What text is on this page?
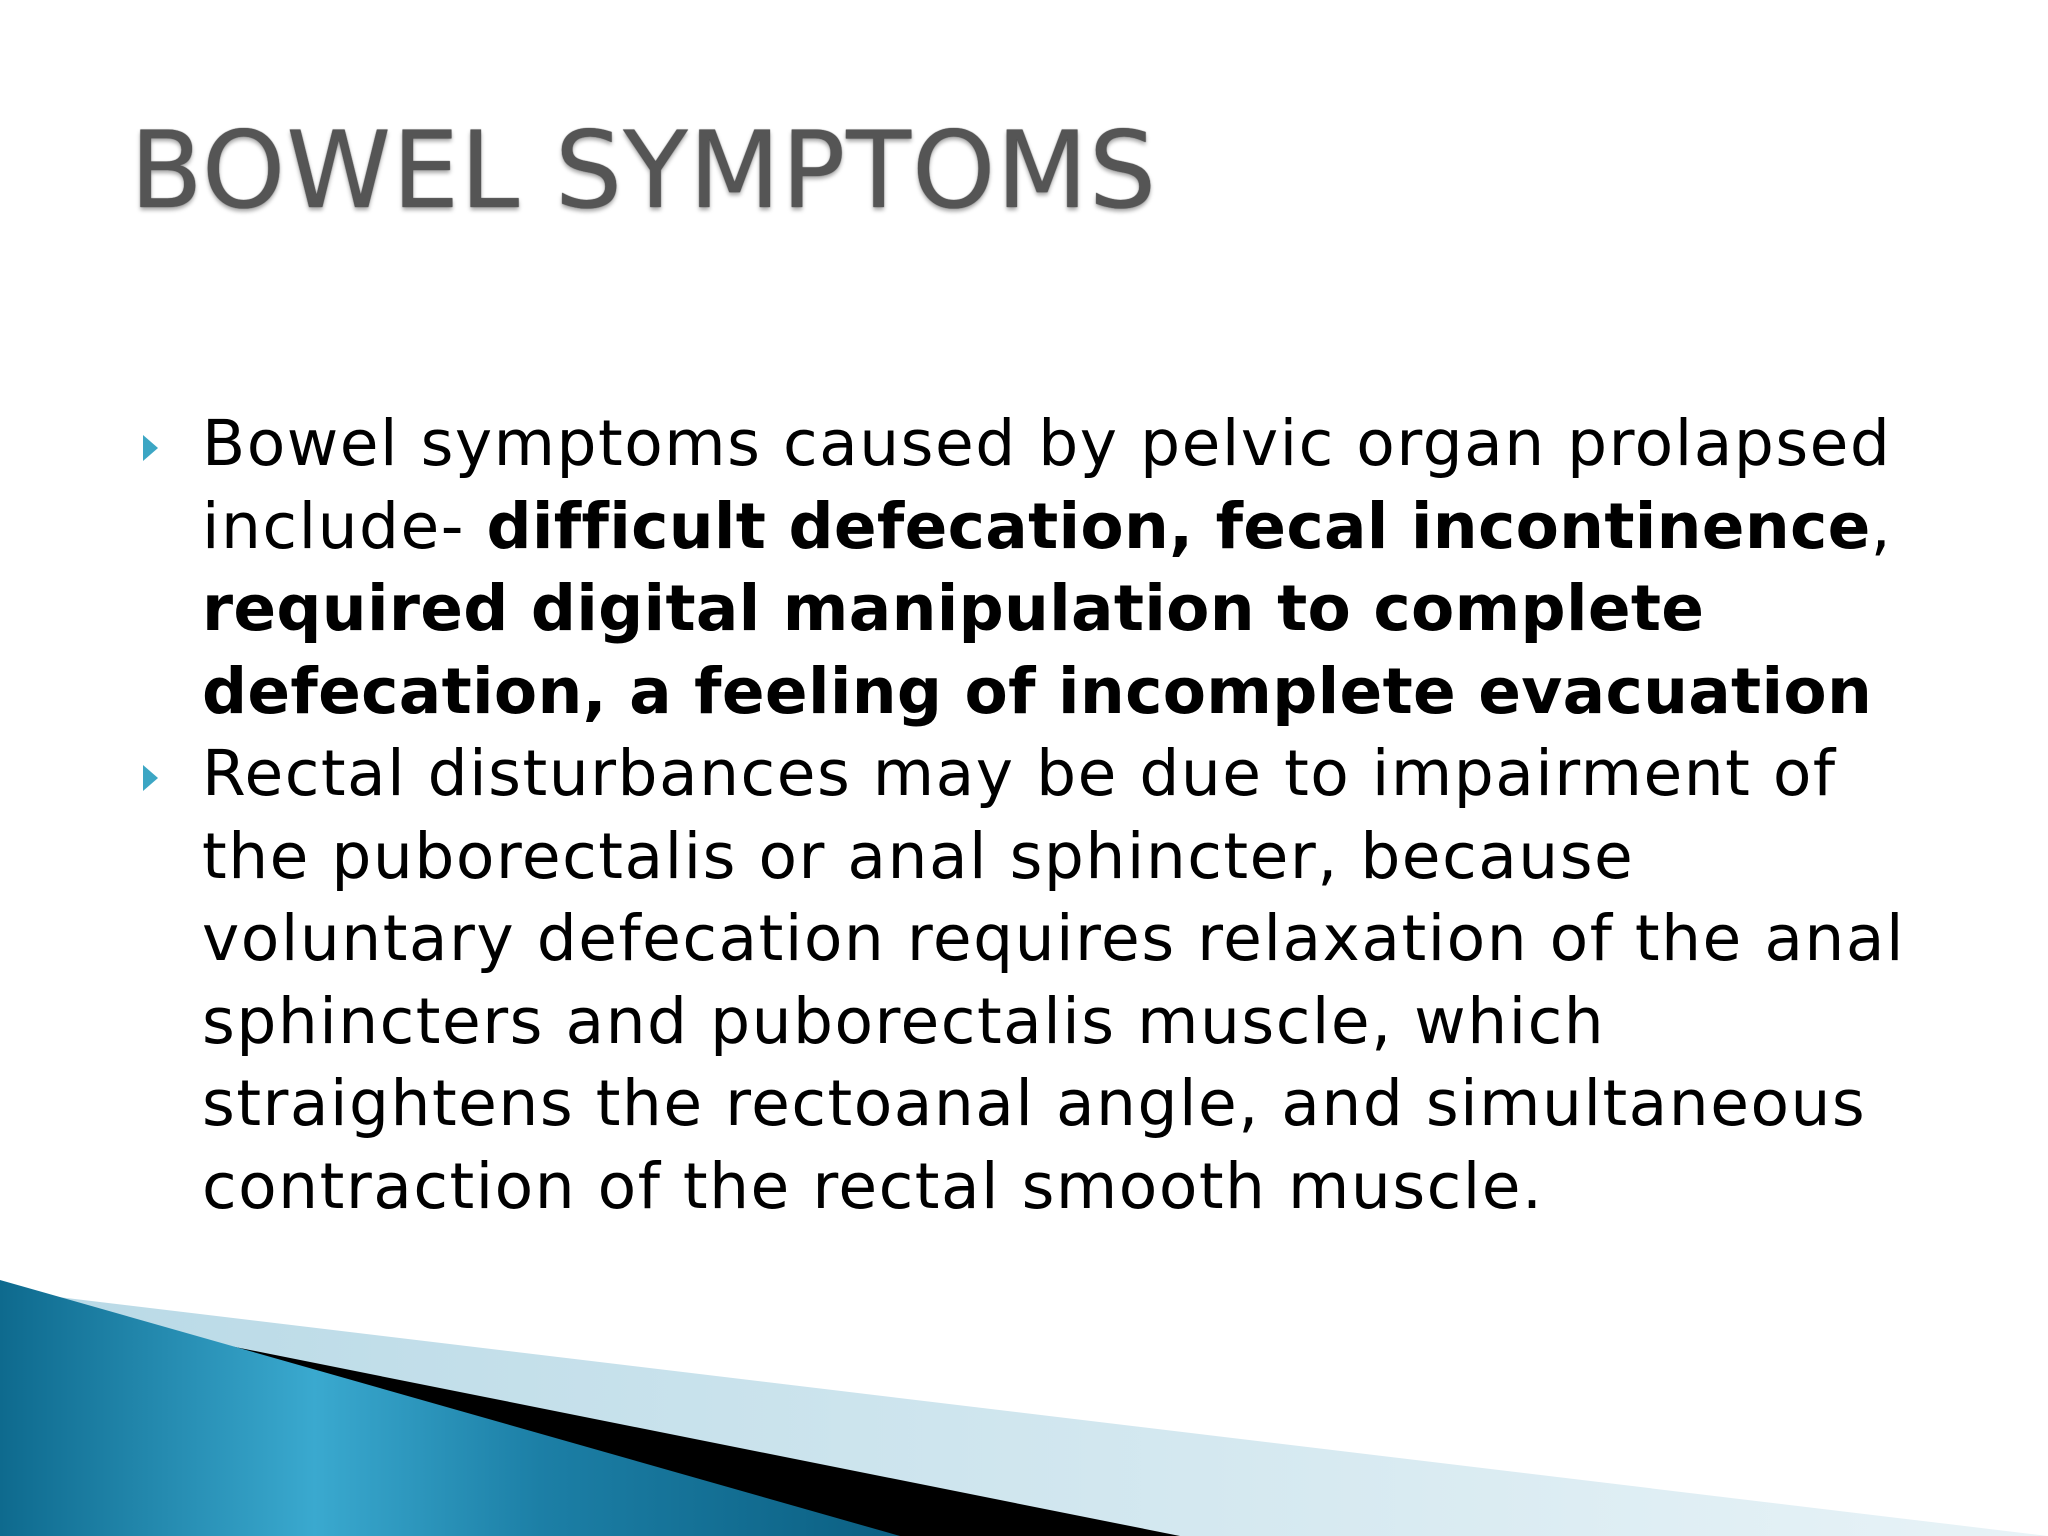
BOWEL SYMPTOMS
Bowel symptoms caused by pelvic organ prolapsed
include- difficult defecation, fecal incontinence,
required digital manipulation to complete
defecation, a feeling of incomplete evacuation
Rectal disturbances may be due to impairment of
the puborectalis or anal sphincter, because
voluntary defecation requires relaxation of the anal
sphincters and puborectalis muscle, which
straightens the rectoanal angle, and simultaneous
contraction of the rectal smooth muscle.
